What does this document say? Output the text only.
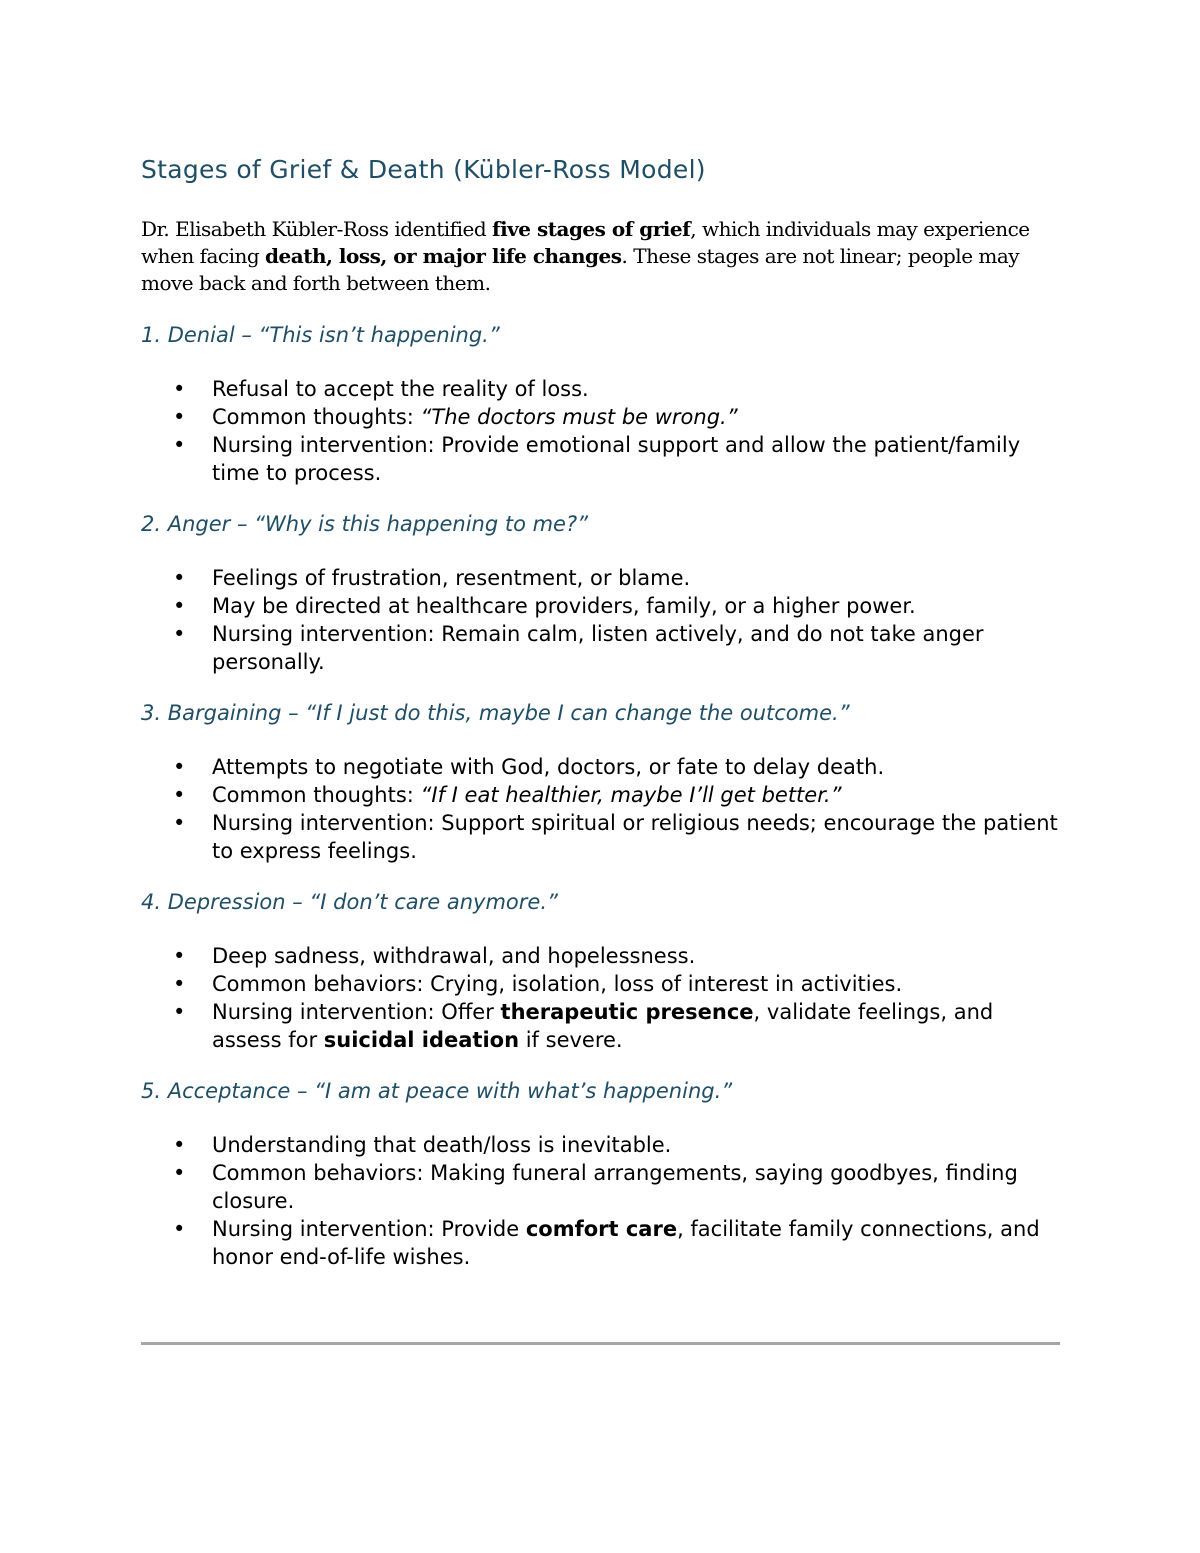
Stages of Grief & Death (Kübler-Ross Model)

Dr. Elisabeth Kübler-Ross identified five stages of grief, which individuals may experience when facing death, loss, or major life changes. These stages are not linear; people may move back and forth between them.

1. Denial – “This isn’t happening.”
• Refusal to accept the reality of loss.
• Common thoughts: “The doctors must be wrong.”
• Nursing intervention: Provide emotional support and allow the patient/family time to process.
2. Anger – “Why is this happening to me?”
• Feelings of frustration, resentment, or blame.
• May be directed at healthcare providers, family, or a higher power.
• Nursing intervention: Remain calm, listen actively, and do not take anger personally.
3. Bargaining – “If I just do this, maybe I can change the outcome.”
• Attempts to negotiate with God, doctors, or fate to delay death.
• Common thoughts: “If I eat healthier, maybe I’ll get better.”
• Nursing intervention: Support spiritual or religious needs; encourage the patient to express feelings.
4. Depression – “I don’t care anymore.”
• Deep sadness, withdrawal, and hopelessness.
• Common behaviors: Crying, isolation, loss of interest in activities.
• Nursing intervention: Offer therapeutic presence, validate feelings, and assess for suicidal ideation if severe.
5. Acceptance – “I am at peace with what’s happening.”
• Understanding that death/loss is inevitable.
• Common behaviors: Making funeral arrangements, saying goodbyes, finding closure.
• Nursing intervention: Provide comfort care, facilitate family connections, and honor end-of-life wishes.
